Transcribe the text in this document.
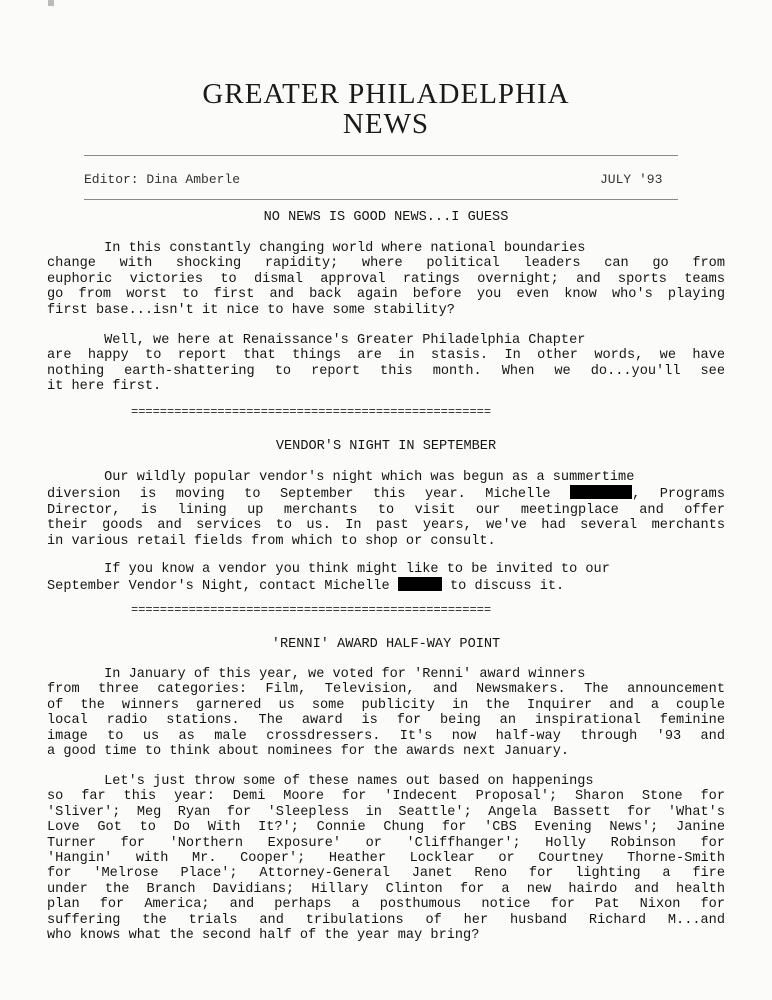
GREATER PHILADELPHIA
NEWS
Editor: Dina Amberle	JULY '93
NO NEWS IS GOOD NEWS...I GUESS
In this constantly changing world where national boundaries
change with shocking rapidity; where political leaders can go from
euphoric victories to dismal approval ratings overnight; and sports teams
go from worst to first and back again before you even know who's playing
first base...isn't it nice to have some stability?
Well, we here at Renaissance's Greater Philadelphia Chapter
are happy to report that things are in stasis. In other words, we have
nothing earth-shattering to report this month. When we do...you'll see
it here first.
==================================================
VENDOR'S NIGHT IN SEPTEMBER
Our wildly popular vendor's night which was begun as a summertime
diversion is moving to September this year. Michelle	, Programs
Director, is lining up merchants to visit our meetingplace and offer
their goods and services to us. In past years, we've had several merchants
in various retail fields from which to shop or consult.
If you know a vendor you think might like to be invited to our
September Vendor's Night, contact Michelle	to discuss it.
==================================================
'RENNI' AWARD HALF-WAY POINT
In January of this year, we voted for 'Renni' award winners
from three categories: Film, Television, and Newsmakers. The announcement
of the winners garnered us some publicity in the Inquirer and a couple
local radio stations. The award is for being an inspirational feminine
image to us as male crossdressers. It's now half-way through '93 and
a good time to think about nominees for the awards next January.
Let's just throw some of these names out based on happenings
so far this year: Demi Moore for 'Indecent Proposal'; Sharon Stone for
'Sliver'; Meg Ryan for 'Sleepless in Seattle'; Angela Bassett for 'What's
Love Got to Do With It?'; Connie Chung for 'CBS Evening News'; Janine
Turner for 'Northern Exposure' or 'Cliffhanger'; Holly Robinson for
'Hangin' with Mr. Cooper'; Heather Locklear or Courtney Thorne-Smith
for 'Melrose Place'; Attorney-General Janet Reno for lighting a fire
under the Branch Davidians; Hillary Clinton for a new hairdo and health
plan for America; and perhaps a posthumous notice for Pat Nixon for
suffering the trials and tribulations of her husband Richard M...and
who knows what the second half of the year may bring?
